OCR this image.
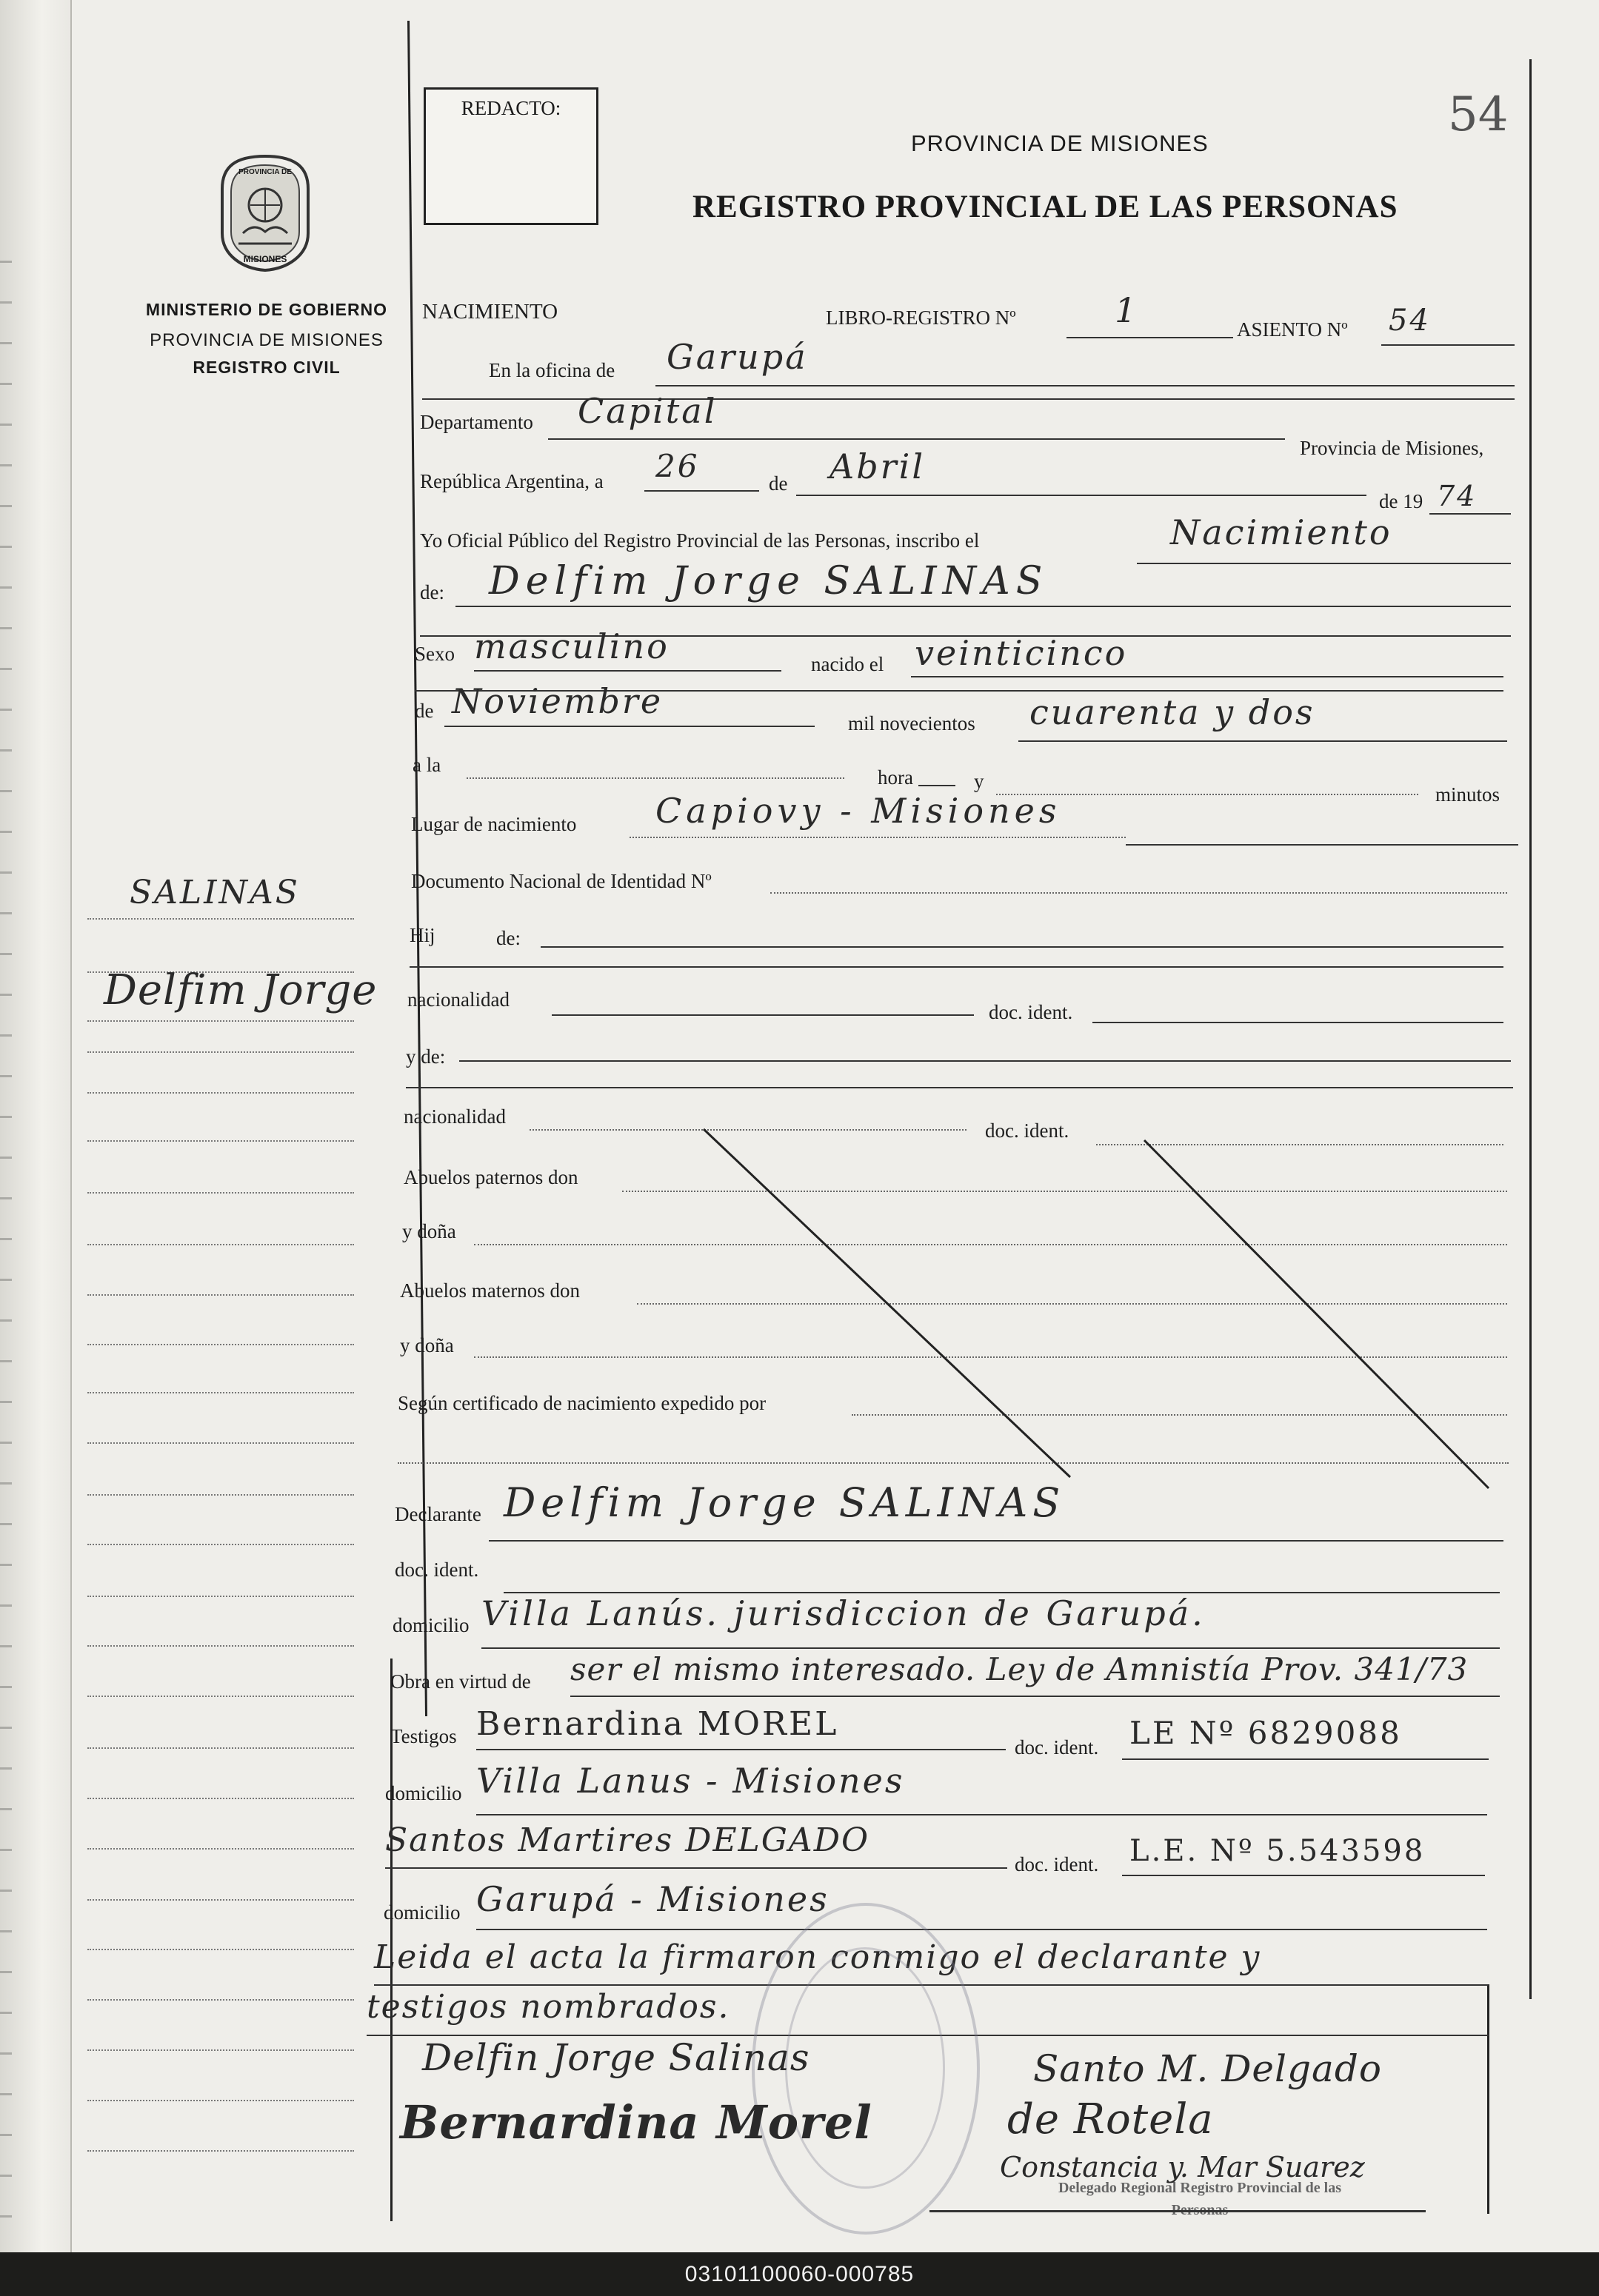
54
REDACTO:
PROVINCIA DE MISIONES
REGISTRO PROVINCIAL DE LAS PERSONAS
PROVINCIA DE
MISIONES
MINISTERIO DE GOBIERNO
PROVINCIA DE MISIONES
REGISTRO CIVIL
SALINAS
Delfim Jorge
NACIMIENTO	LIBRO-REGISTRO Nº	1	ASIENTO Nº 54
En la oficina de Garupá
Departamento Capital
Provincia de Misiones,
República Argentina, a 26	de Abril
de 19 74
Yo Oficial Público del Registro Provincial de las Personas, inscribo el	Nacimiento
de: Delfim Jorge SALINAS
Sexo masculino	nacido el veinticinco
de Noviembre
mil novecientos cuarenta y dos
a la
hora	y
minutos
Lugar de nacimiento Capiovy - Misiones
Documento Nacional de Identidad Nº
Hij	de:
nacionalidad
doc. ident.
y de:
nacionalidad
doc. ident.
Abuelos paternos don
y doña
Abuelos maternos don
y doña
Según certificado de nacimiento expedido por
Declarante Delfim Jorge SALINAS
doc. ident.
domicilio Villa Lanús. jurisdiccion de Garupá.
Obra en virtud de ser el mismo interesado. Ley de Amnistía Prov. 341/73
Testigos Bernardina MOREL
doc. ident. LE Nº 6829088
domicilio Villa Lanus - Misiones
Santos Martires DELGADO
doc. ident. L.E. Nº 5.543598
domicilio Garupá - Misiones
Leida el acta la firmaron conmigo el declarante y
testigos nombrados.
Delegado Regional Registro Provincial de las Personas
Delfin Jorge Salinas	Santo M. Delgado
Bernardina Morel	de Rotela
Constancia y. Mar Suarez
03101100060-000785
